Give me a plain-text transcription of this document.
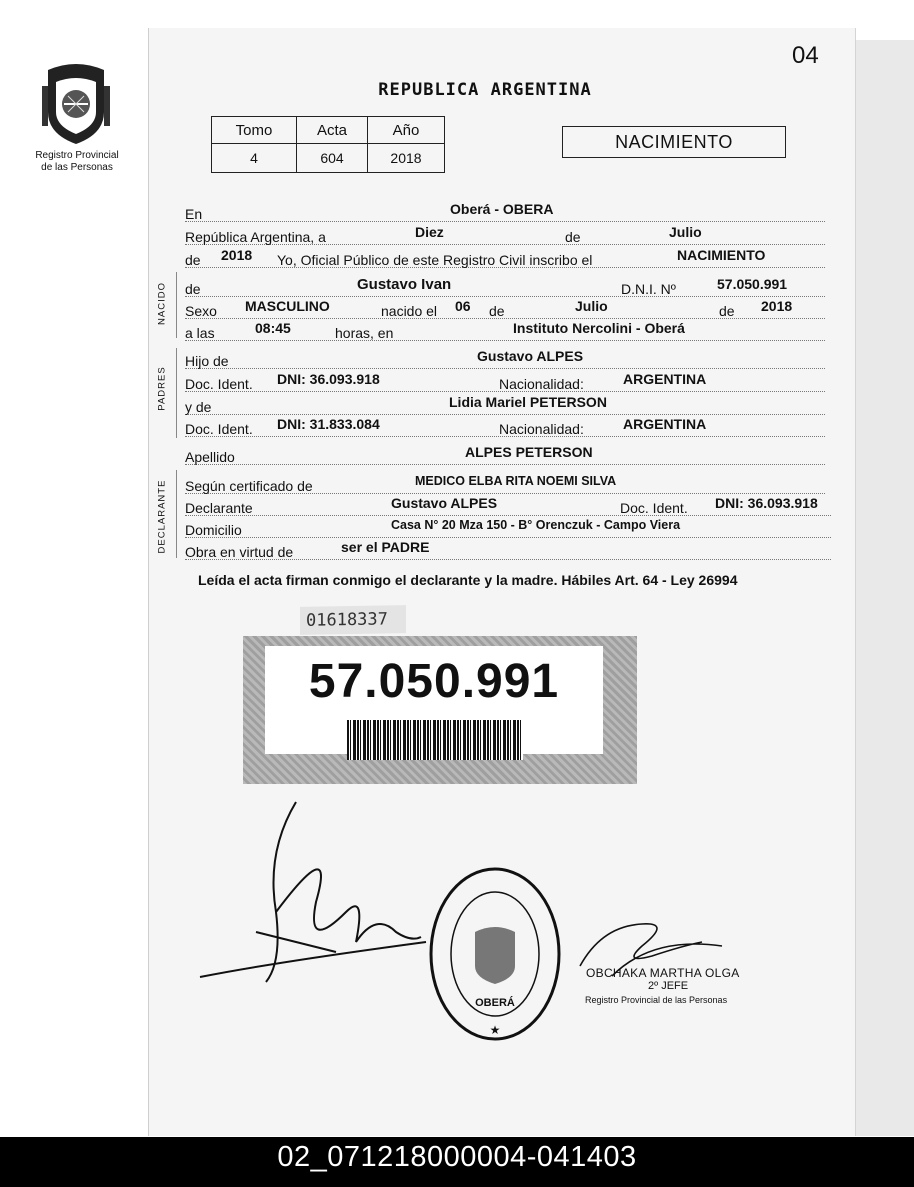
04
Registro Provincial
de las Personas
REPUBLICA ARGENTINA
Tomo	Acta	Año
4	604	2018
NACIMIENTO
NACIDO
PADRES
DECLARANTE
En	Oberá - OBERA
República Argentina, a	Diez	de	Julio
de 2018 Yo, Oficial Público de este Registro Civil inscribo el	NACIMIENTO
de	Gustavo Ivan	D.N.I. Nº	57.050.991
Sexo MASCULINO	nacido el 06 de	Julio	de 2018
a las	08:45	horas, en	Instituto Nercolini - Oberá
Hijo de	Gustavo ALPES
Doc. Ident. DNI: 36.093.918	Nacionalidad:	ARGENTINA
y de	Lidia Mariel PETERSON
Doc. Ident. DNI: 31.833.084	Nacionalidad:	ARGENTINA
Apellido	ALPES PETERSON
Según certificado de	MEDICO ELBA RITA NOEMI SILVA
Declarante	Gustavo ALPES	Doc. Ident. DNI: 36.093.918
Domicilio	Casa N° 20 Mza 150 - B° Orenczuk - Campo Viera
Obra en virtud de	ser el PADRE
Leída el acta firman conmigo el declarante y la madre. Hábiles Art. 64 - Ley 26994
01618337
57.050.991
OBERÁ
★
OBCHAKA MARTHA OLGA
2º JEFE
Registro Provincial de las Personas
02_071218000004-041403
